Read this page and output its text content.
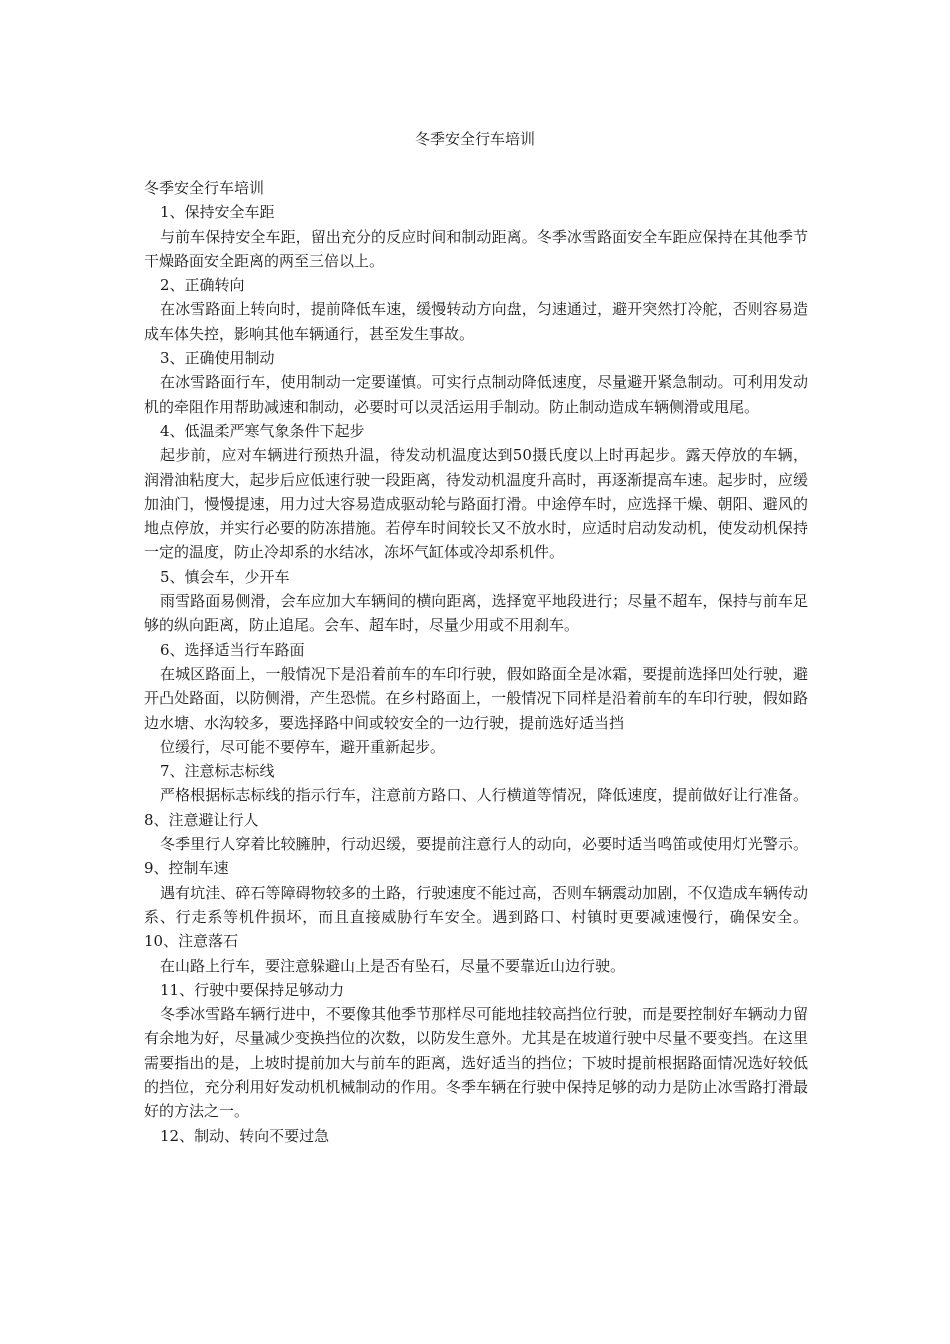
冬季安全行车培训

冬季安全行车培训

1、保持安全车距

与前车保持安全车距，留出充分的反应时间和制动距离。冬季冰雪路面安全车距应保持在其他季节干燥路面安全距离的两至三倍以上。

2、正确转向

在冰雪路面上转向时，提前降低车速，缓慢转动方向盘，匀速通过，避开突然打冷舵，否则容易造成车体失控，影响其他车辆通行，甚至发生事故。

3、正确使用制动

在冰雪路面行车，使用制动一定要谨慎。可实行点制动降低速度，尽量避开紧急制动。可利用发动机的牵阻作用帮助减速和制动，必要时可以灵活运用手制动。防止制动造成车辆侧滑或甩尾。

4、低温柔严寒气象条件下起步

起步前，应对车辆进行预热升温，待发动机温度达到50摄氏度以上时再起步。露天停放的车辆，润滑油粘度大，起步后应低速行驶一段距离，待发动机温度升高时，再逐渐提高车速。起步时，应缓加油门，慢慢提速，用力过大容易造成驱动轮与路面打滑。中途停车时，应选择干燥、朝阳、避风的地点停放，并实行必要的防冻措施。若停车时间较长又不放水时，应适时启动发动机，使发动机保持一定的温度，防止冷却系的水结冰，冻坏气缸体或冷却系机件。

5、慎会车，少开车

雨雪路面易侧滑，会车应加大车辆间的横向距离，选择宽平地段进行；尽量不超车，保持与前车足够的纵向距离，防止追尾。会车、超车时，尽量少用或不用刹车。

6、选择适当行车路面

在城区路面上，一般情况下是沿着前车的车印行驶，假如路面全是冰霜，要提前选择凹处行驶，避开凸处路面，以防侧滑，产生恐慌。在乡村路面上，一般情况下同样是沿着前车的车印行驶，假如路边水塘、水沟较多，要选择路中间或较安全的一边行驶，提前选好适当挡

位缓行，尽可能不要停车，避开重新起步。

7、注意标志标线

严格根据标志标线的指示行车，注意前方路口、人行横道等情况，降低速度，提前做好让行准备。 8、注意避让行人

冬季里行人穿着比较臃肿，行动迟缓，要提前注意行人的动向，必要时适当鸣笛或使用灯光警示。 9、控制车速

遇有坑洼、碎石等障碍物较多的土路，行驶速度不能过高，否则车辆震动加剧，不仅造成车辆传动系、行走系等机件损坏，而且直接威胁行车安全。遇到路口、村镇时更要减速慢行，确保安全。 10、注意落石

在山路上行车，要注意躲避山上是否有坠石，尽量不要靠近山边行驶。

11、行驶中要保持足够动力

冬季冰雪路车辆行进中，不要像其他季节那样尽可能地挂较高挡位行驶，而是要控制好车辆动力留有余地为好，尽量减少变换挡位的次数，以防发生意外。尤其是在坡道行驶中尽量不要变挡。在这里需要指出的是，上坡时提前加大与前车的距离，选好适当的挡位；下坡时提前根据路面情况选好较低的挡位，充分利用好发动机机械制动的作用。冬季车辆在行驶中保持足够的动力是防止冰雪路打滑最好的方法之一。

12、制动、转向不要过急
